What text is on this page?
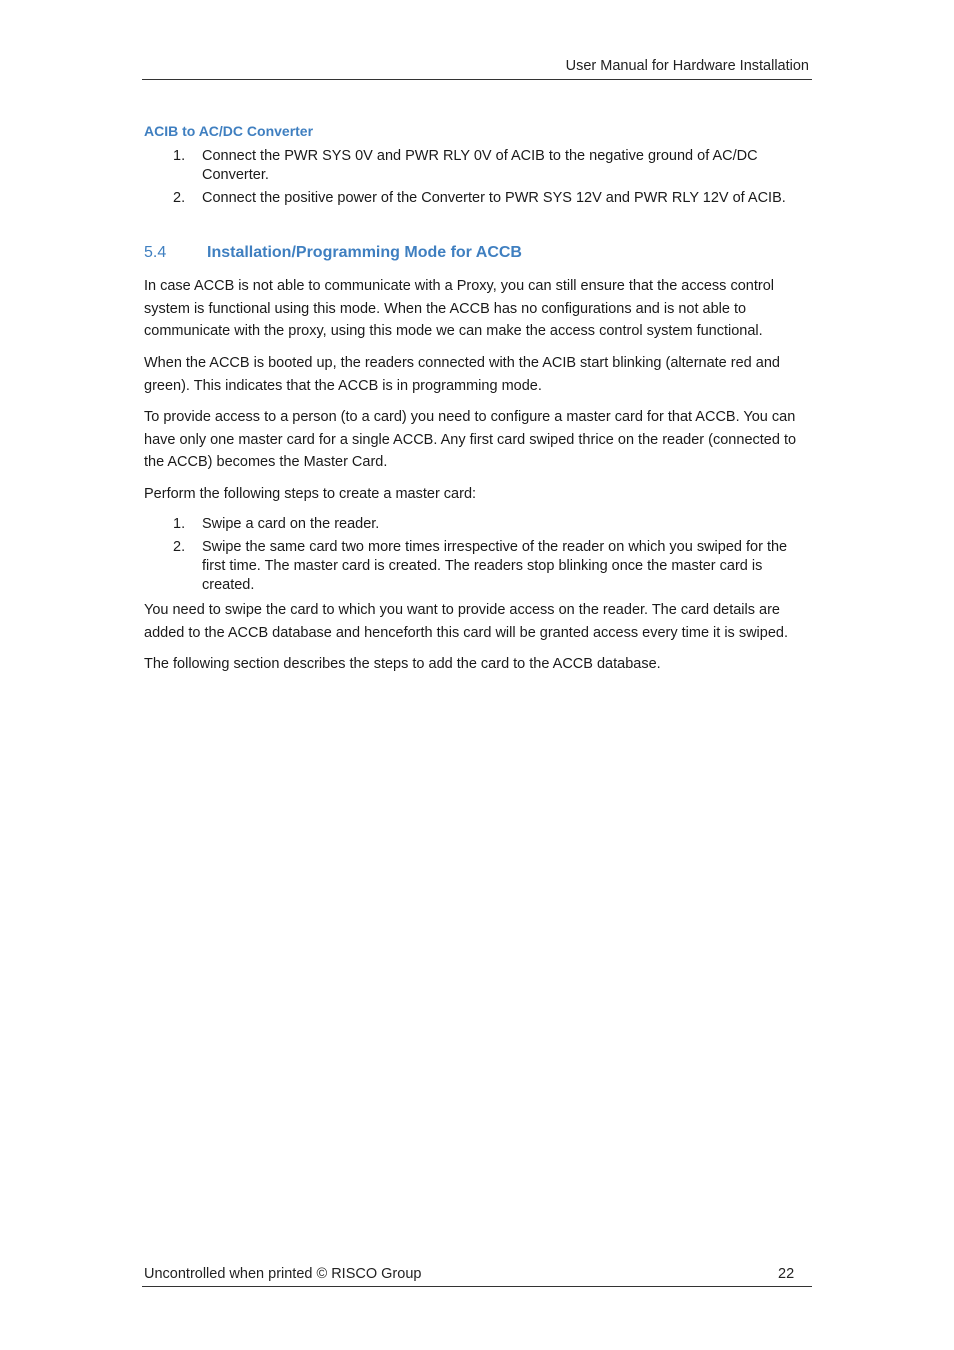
User Manual for Hardware Installation
ACIB to AC/DC Converter
1. Connect the PWR SYS 0V and PWR RLY 0V of ACIB to the negative ground of AC/DC Converter.
2. Connect the positive power of the Converter to PWR SYS 12V and PWR RLY 12V of ACIB.
5.4	Installation/Programming Mode for ACCB
In case ACCB is not able to communicate with a Proxy, you can still ensure that the access control system is functional using this mode. When the ACCB has no configurations and is not able to communicate with the proxy, using this mode we can make the access control system functional.
When the ACCB is booted up, the readers connected with the ACIB start blinking (alternate red and green). This indicates that the ACCB is in programming mode.
To provide access to a person (to a card) you need to configure a master card for that ACCB. You can have only one master card for a single ACCB. Any first card swiped thrice on the reader (connected to the ACCB) becomes the Master Card.
Perform the following steps to create a master card:
1. Swipe a card on the reader.
2. Swipe the same card two more times irrespective of the reader on which you swiped for the first time. The master card is created. The readers stop blinking once the master card is created.
You need to swipe the card to which you want to provide access on the reader. The card details are added to the ACCB database and henceforth this card will be granted access every time it is swiped.
The following section describes the steps to add the card to the ACCB database.
Uncontrolled when printed © RISCO Group	22
